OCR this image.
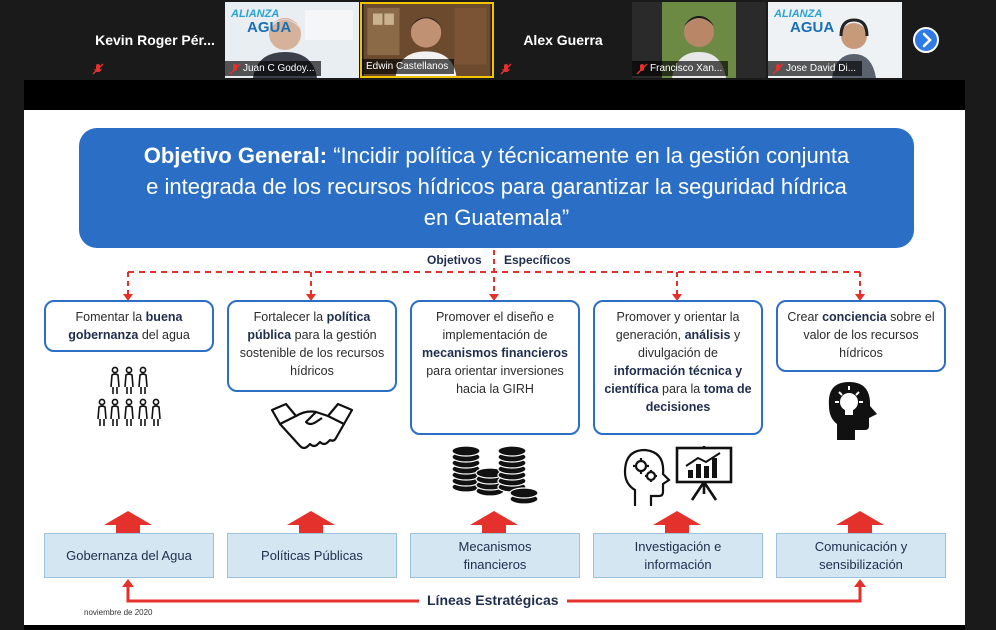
Kevin Roger Pér...
ALIANZA
AGUA
Juan C Godoy...	Edwin Castellanos
Alex Guerra
Francisco Xan...
ALIANZA
AGUA
Jose David Di...
Objetivo General: “Incidir política y técnicamente en la gestión conjunta
e integrada de los recursos hídricos para garantizar la seguridad hídrica
en Guatemala”
Objetivos Específicos
Fomentar la buena gobernanza del agua
Fortalecer la política pública para la gestión sostenible de los recursos hídricos
Promover el diseño e implementación de mecanismos financieros para orientar inversiones hacia la GIRH
Promover y orientar la generación, análisis y divulgación de información técnica y científica para la toma de decisiones
Crear conciencia sobre el valor de los recursos hídricos
Gobernanza del Agua	Políticas Públicas
Mecanismos financieros
Investigación e información
Comunicación y sensibilización
Líneas Estratégicas
noviembre de 2020
